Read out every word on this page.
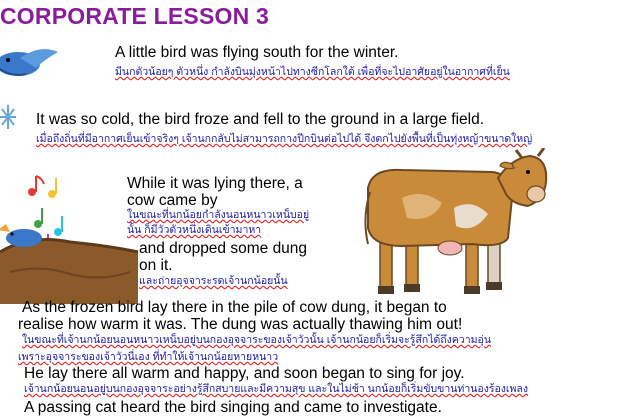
CORPORATE LESSON 3
A little bird was flying south for the winter.
มีนกตัวน้อยๆ ตัวหนึ่ง กำลังบินมุ่งหน้าไปทางซีกโลกใต้ เพื่อที่จะไปอาศัยอยู่ในอากาศที่เย็น
It was so cold, the bird froze and fell to the ground in a large field.
เมื่อถึงถิ่นที่มีอากาศเย็นเข้าจริงๆ เจ้านกกลับไม่สามารถกางปีกบินต่อไปได้ จึงตกไปยังพื้นที่เป็นทุ่งหญ้าขนาดใหญ่
While it was lying there, a
cow came by
ในขณะที่นกน้อยกำลังนอนหนาวเหน็บอยู่
นั้น ก็มีวัวตัวหนึ่งเดินเข้ามาหา
and dropped some dung
on it.
และถ่ายอุจจาระรดเจ้านกน้อยนั้น
As the frozen bird lay there in the pile of cow dung, it began to
realise how warm it was. The dung was actually thawing him out!
ในขณะที่เจ้านกน้อยนอนหนาวเหน็บอยู่บนกองอุจจาระของเจ้าวัวนั้น เจ้านกน้อยก็เริ่มจะรู้สึกได้ถึงความอุ่น
เพราะอุจจาระของเจ้าวัวนี่เอง ที่ทำให้เจ้านกน้อยหายหนาว
He lay there all warm and happy, and soon began to sing for joy.
เจ้านกน้อยนอนอยู่บนกองอุจจาระอย่างรู้สึกสบายและมีความสุข และในไม่ช้า นกน้อยก็เริ่มขับขานท่านองร้องเพลง
A passing cat heard the bird singing and came to investigate.
